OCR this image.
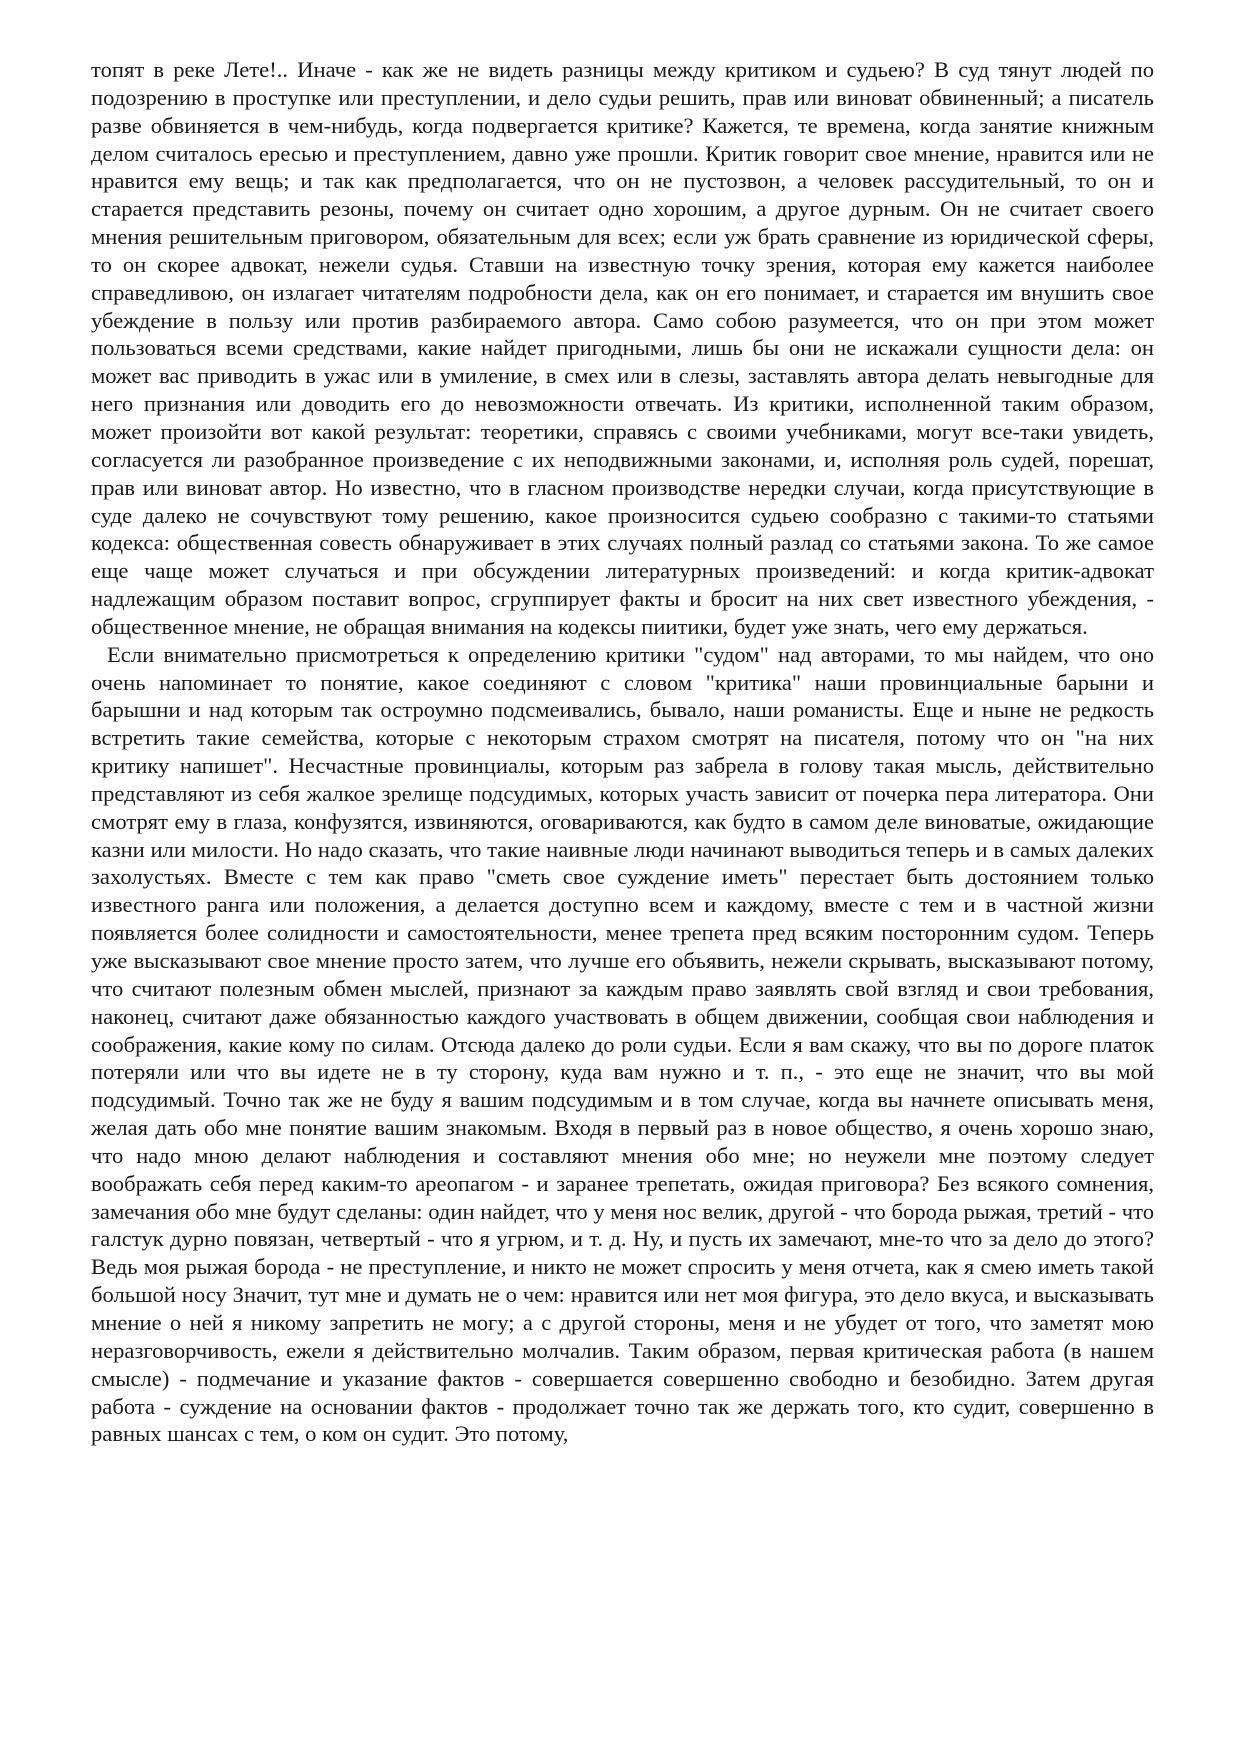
топят в реке Лете!.. Иначе - как же не видеть разницы между критиком и судьею? В суд тянут людей по подозрению в проступке или преступлении, и дело судьи решить, прав или виноват обвиненный; а писатель разве обвиняется в чем-нибудь, когда подвергается критике? Кажется, те времена, когда занятие книжным делом считалось ересью и преступлением, давно уже прошли. Критик говорит свое мнение, нравится или не нравится ему вещь; и так как предполагается, что он не пустозвон, а человек рассудительный, то он и старается представить резоны, почему он считает одно хорошим, а другое дурным. Он не считает своего мнения решительным приговором, обязательным для всех; если уж брать сравнение из юридической сферы, то он скорее адвокат, нежели судья. Ставши на известную точку зрения, которая ему кажется наиболее справедливою, он излагает читателям подробности дела, как он его понимает, и старается им внушить свое убеждение в пользу или против разбираемого автора. Само собою разумеется, что он при этом может пользоваться всеми средствами, какие найдет пригодными, лишь бы они не искажали сущности дела: он может вас приводить в ужас или в умиление, в смех или в слезы, заставлять автора делать невыгодные для него признания или доводить его до невозможности отвечать. Из критики, исполненной таким образом, может произойти вот какой результат: теоретики, справясь с своими учебниками, могут все-таки увидеть, согласуется ли разобранное произведение с их неподвижными законами, и, исполняя роль судей, порешат, прав или виноват автор. Но известно, что в гласном производстве нередки случаи, когда присутствующие в суде далеко не сочувствуют тому решению, какое произносится судьею сообразно с такими-то статьями кодекса: общественная совесть обнаруживает в этих случаях полный разлад со статьями закона. То же самое еще чаще может случаться и при обсуждении литературных произведений: и когда критик-адвокат надлежащим образом поставит вопрос, сгруппирует факты и бросит на них свет известного убеждения, - общественное мнение, не обращая внимания на кодексы пиитики, будет уже знать, чего ему держаться.

Если внимательно присмотреться к определению критики "судом" над авторами, то мы найдем, что оно очень напоминает то понятие, какое соединяют с словом "критика" наши провинциальные барыни и барышни и над которым так остроумно подсмеивались, бывало, наши романисты. Еще и ныне не редкость встретить такие семейства, которые с некоторым страхом смотрят на писателя, потому что он "на них критику напишет". Несчастные провинциалы, которым раз забрела в голову такая мысль, действительно представляют из себя жалкое зрелище подсудимых, которых участь зависит от почерка пера литератора. Они смотрят ему в глаза, конфузятся, извиняются, оговариваются, как будто в самом деле виноватые, ожидающие казни или милости. Но надо сказать, что такие наивные люди начинают выводиться теперь и в самых далеких захолустьях. Вместе с тем как право "сметь свое суждение иметь" перестает быть достоянием только известного ранга или положения, а делается доступно всем и каждому, вместе с тем и в частной жизни появляется более солидности и самостоятельности, менее трепета пред всяким посторонним судом. Теперь уже высказывают свое мнение просто затем, что лучше его объявить, нежели скрывать, высказывают потому, что считают полезным обмен мыслей, признают за каждым право заявлять свой взгляд и свои требования, наконец, считают даже обязанностью каждого участвовать в общем движении, сообщая свои наблюдения и соображения, какие кому по силам. Отсюда далеко до роли судьи. Если я вам скажу, что вы по дороге платок потеряли или что вы идете не в ту сторону, куда вам нужно и т. п., - это еще не значит, что вы мой подсудимый. Точно так же не буду я вашим подсудимым и в том случае, когда вы начнете описывать меня, желая дать обо мне понятие вашим знакомым. Входя в первый раз в новое общество, я очень хорошо знаю, что надо мною делают наблюдения и составляют мнения обо мне; но неужели мне поэтому следует воображать себя перед каким-то ареопагом - и заранее трепетать, ожидая приговора? Без всякого сомнения, замечания обо мне будут сделаны: один найдет, что у меня нос велик, другой - что борода рыжая, третий - что галстук дурно повязан, четвертый - что я угрюм, и т. д. Ну, и пусть их замечают, мне-то что за дело до этого? Ведь моя рыжая борода - не преступление, и никто не может спросить у меня отчета, как я смею иметь такой большой носу Значит, тут мне и думать не о чем: нравится или нет моя фигура, это дело вкуса, и высказывать мнение о ней я никому запретить не могу; а с другой стороны, меня и не убудет от того, что заметят мою неразговорчивость, ежели я действительно молчалив. Таким образом, первая критическая работа (в нашем смысле) - подмечание и указание фактов - совершается совершенно свободно и безобидно. Затем другая работа - суждение на основании фактов - продолжает точно так же держать того, кто судит, совершенно в равных шансах с тем, о ком он судит. Это потому,
